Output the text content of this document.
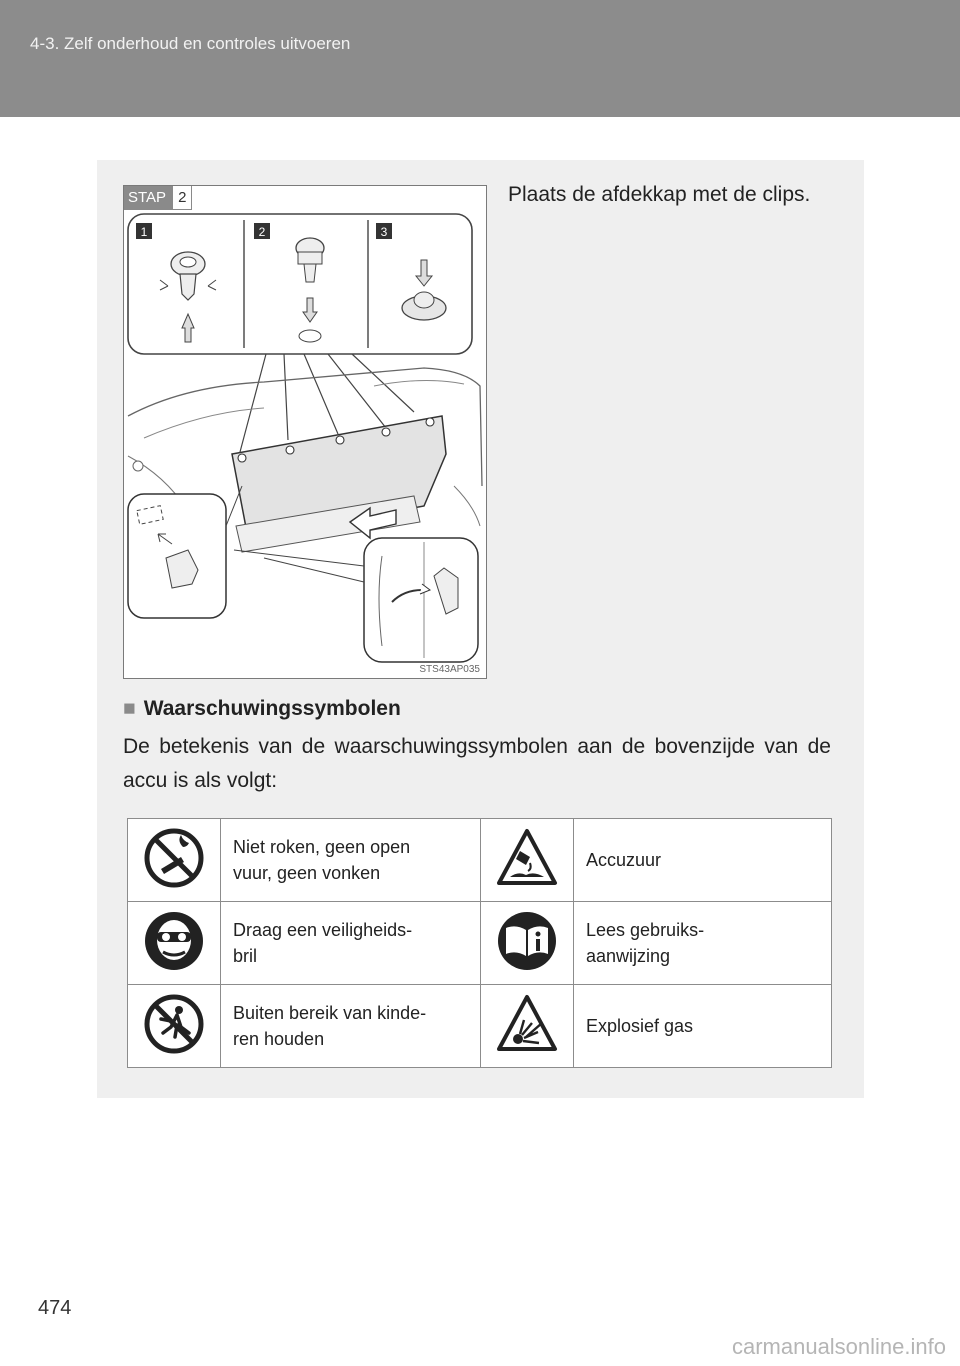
4-3. Zelf onderhoud en controles uitvoeren
1	2	3
STAP 2
STS43AP035
Plaats de afdekkap met de clips.
■ Waarschuwingssymbolen
De betekenis van de waarschuwingssymbolen aan de bovenzijde van de accu is als volgt:
	Niet roken, geen open
vuur, geen vonken		Accuzuur
	Draag een veiligheids-
bril		Lees gebruiks-
aanwijzing
	Buiten bereik van kinde-
ren houden		Explosief gas
474
carmanualsonline.info
